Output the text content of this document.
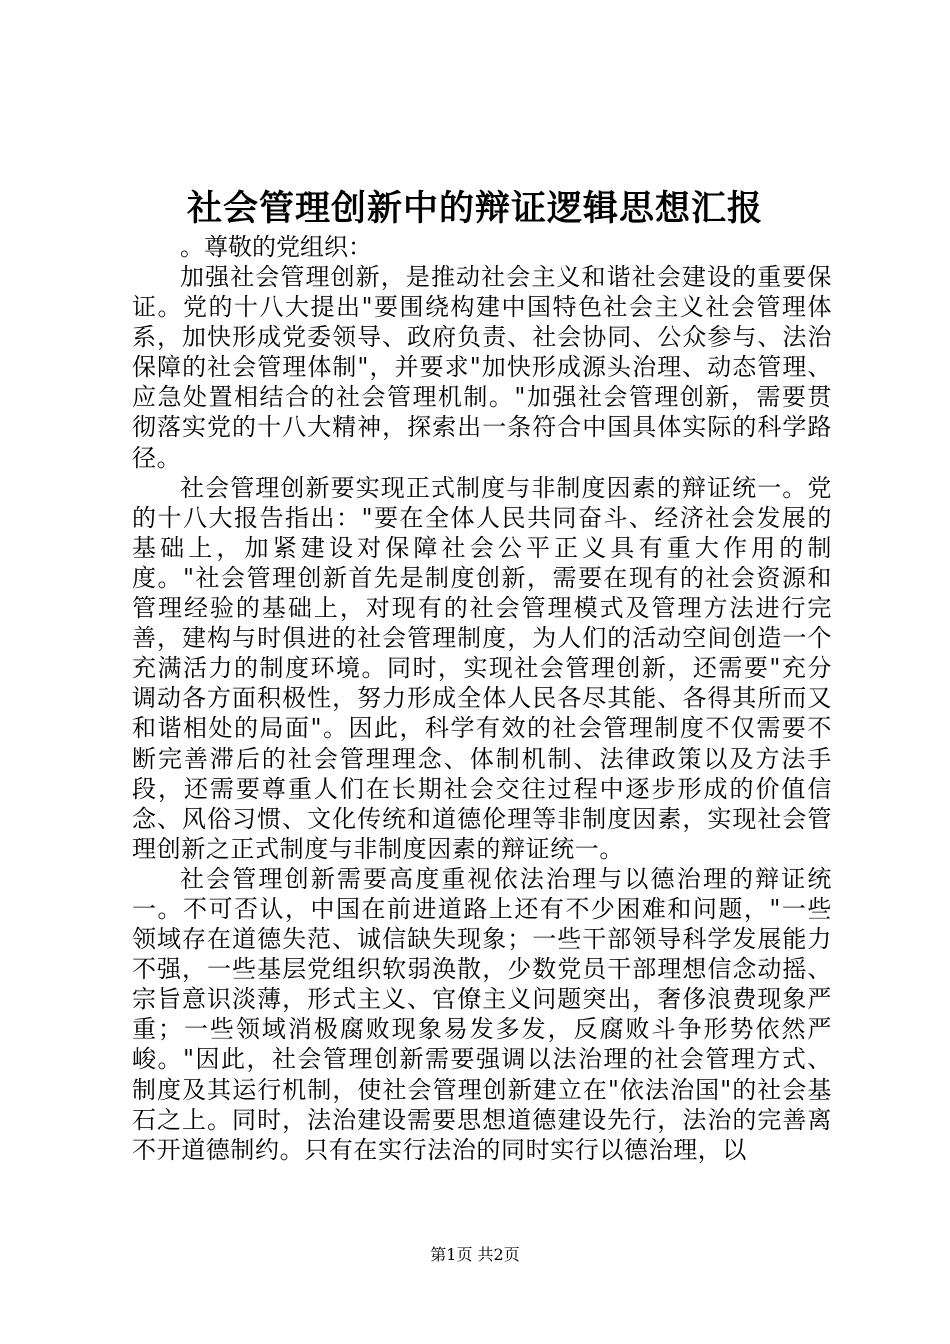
社会管理创新中的辩证逻辑思想汇报

。尊敬的党组织：

加强社会管理创新，是推动社会主义和谐社会建设的重要保证。党的十八大提出"要围绕构建中国特色社会主义社会管理体系，加快形成党委领导、政府负责、社会协同、公众参与、法治保障的社会管理体制"，并要求"加快形成源头治理、动态管理、应急处置相结合的社会管理机制。"加强社会管理创新，需要贯彻落实党的十八大精神，探索出一条符合中国具体实际的科学路径。

社会管理创新要实现正式制度与非制度因素的辩证统一。党的十八大报告指出："要在全体人民共同奋斗、经济社会发展的基础上，加紧建设对保障社会公平正义具有重大作用的制度。"社会管理创新首先是制度创新，需要在现有的社会资源和管理经验的基础上，对现有的社会管理模式及管理方法进行完善，建构与时俱进的社会管理制度，为人们的活动空间创造一个充满活力的制度环境。同时，实现社会管理创新，还需要"充分调动各方面积极性，努力形成全体人民各尽其能、各得其所而又和谐相处的局面"。因此，科学有效的社会管理制度不仅需要不断完善滞后的社会管理理念、体制机制、法律政策以及方法手段，还需要尊重人们在长期社会交往过程中逐步形成的价值信念、风俗习惯、文化传统和道德伦理等非制度因素，实现社会管理创新之正式制度与非制度因素的辩证统一。

社会管理创新需要高度重视依法治理与以德治理的辩证统一。不可否认，中国在前进道路上还有不少困难和问题，"一些领域存在道德失范、诚信缺失现象；一些干部领导科学发展能力不强，一些基层党组织软弱涣散，少数党员干部理想信念动摇、宗旨意识淡薄，形式主义、官僚主义问题突出，奢侈浪费现象严重；一些领域消极腐败现象易发多发，反腐败斗争形势依然严峻。"因此，社会管理创新需要强调以法治理的社会管理方式、制度及其运行机制，使社会管理创新建立在"依法治国"的社会基石之上。同时，法治建设需要思想道德建设先行，法治的完善离不开道德制约。只有在实行法治的同时实行以德治理，以

第1页 共2页
